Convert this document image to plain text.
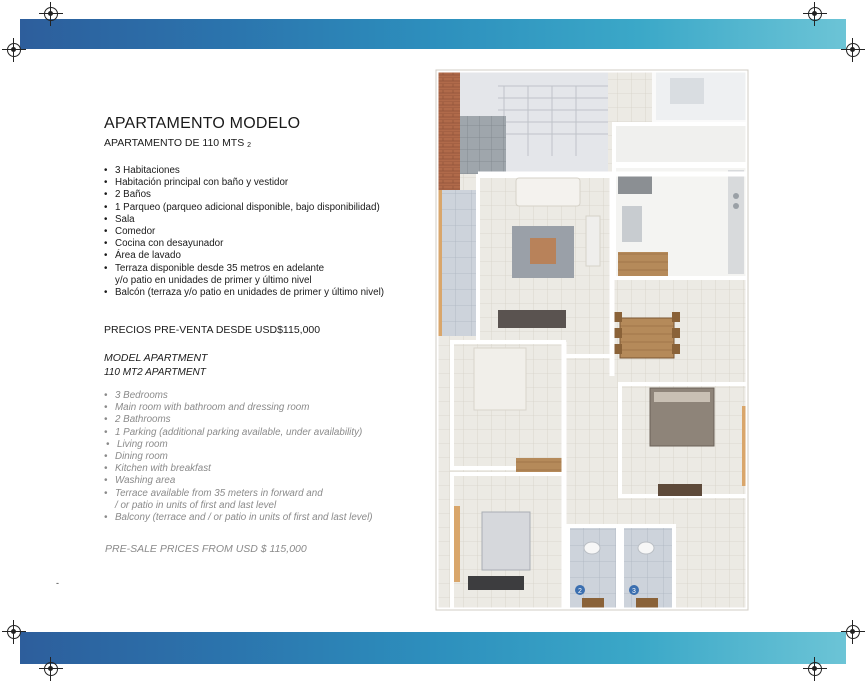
APARTAMENTO MODELO
APARTAMENTO DE 110 MTS 2
• 3 Habitaciones
• Habitación principal con baño y vestidor
• 2 Baños
• 1 Parqueo (parqueo adicional disponible, bajo disponibilidad)
• Sala
• Comedor
• Cocina con desayunador
• Área de lavado
• Terraza disponible desde 35 metros en adelante
y/o patio en unidades de primer y último nivel
• Balcón (terraza y/o patio en unidades de primer y último nivel)
PRECIOS PRE-VENTA DESDE USD$115,000
MODEL APARTMENT
110 MT2 APARTMENT
• 3 Bedrooms
• Main room with bathroom and dressing room
• 2 Bathrooms
• 1 Parking (additional parking available, under availability)
• Living room
• Dining room
• Kitchen with breakfast
• Washing area
• Terrace available from 35 meters in forward and
/ or patio in units of first and last level
• Balcony (terrace and / or patio in units of first and last level)
PRE-SALE PRICES FROM USD $ 115,000
-
2	3
